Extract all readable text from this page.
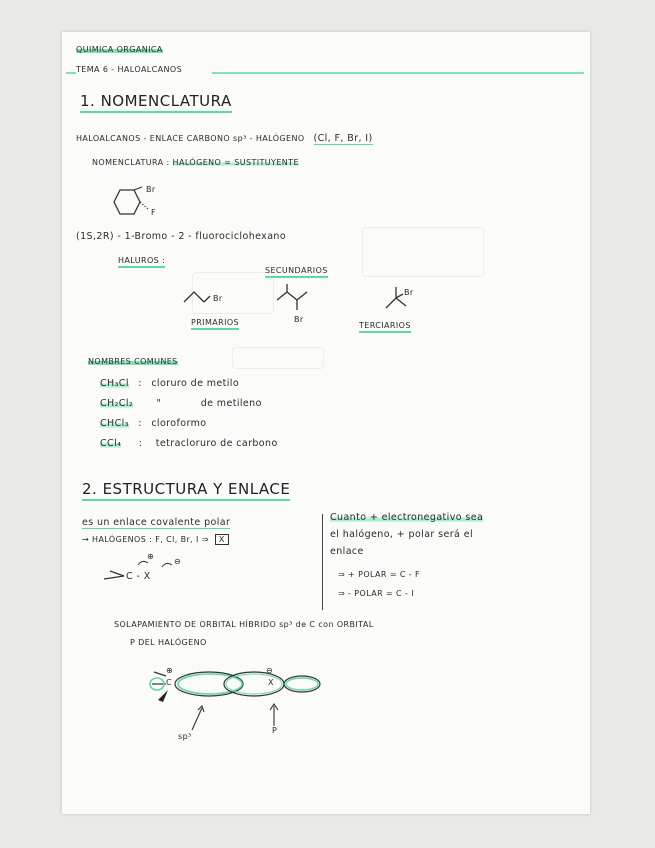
QUIMICA ORGANICA
TEMA 6 - HALOALCANOS
1. NOMENCLATURA
HALOALCANOS - ENLACE CARBONO sp³ - HALÓGENO (Cl, F, Br, I)
NOMENCLATURA : HALÓGENO = SUSTITUYENTE
Br
F
(1S,2R) - 1-Bromo - 2 - fluorociclohexano
HALUROS :
SECUNDARIOS
Br
PRIMARIOS	Br
Br
TERCIARIOS
NOMBRES COMUNES
CH₃Cl : cloruro de metilo
CH₂Cl₂ "	de metileno
CHCl₃ : cloroformo
CCl₄ : tetracloruro de carbono
2. ESTRUCTURA Y ENLACE
es un enlace covalente polar
→ HALÓGENOS : F, Cl, Br, I ⇒ X
⊕
⊖
C - X
Cuanto + electronegativo sea
el halógeno, + polar será el
enlace
⇒ + POLAR = C - F
⇒ - POLAR = C - I
SOLAPAMIENTO DE ORBITAL HÍBRIDO sp³ de C con ORBITAL
P DEL HALÓGENO
⊕
C
⊖
X
sp³
P
